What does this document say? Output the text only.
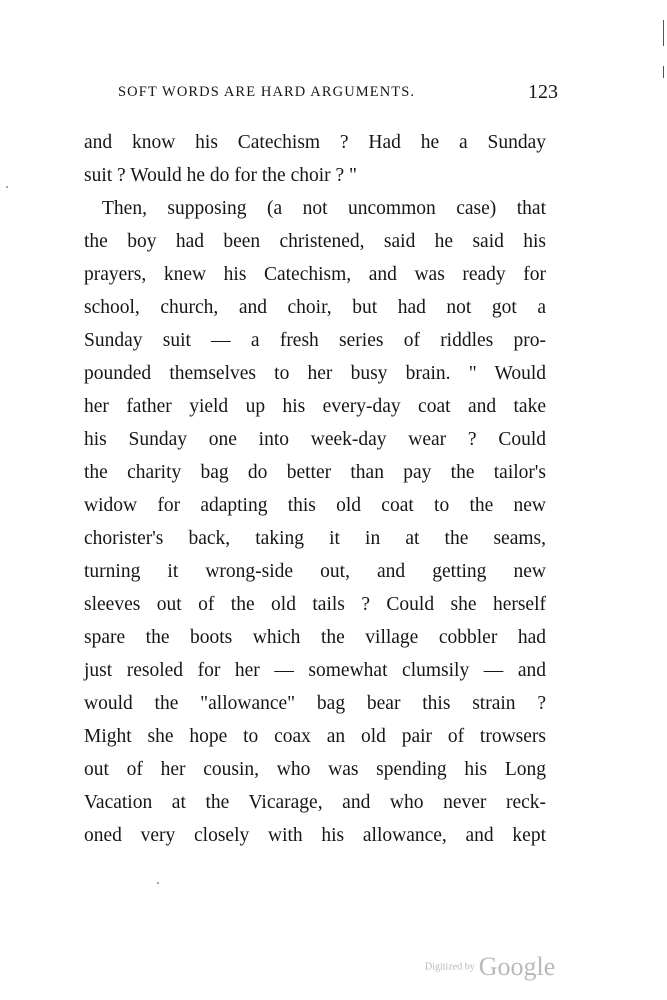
SOFT WORDS ARE HARD ARGUMENTS.	123
and know his Catechism ? Had he a Sunday
suit ? Would he do for the choir ? "
Then, supposing (a not uncommon case) that
the boy had been christened, said he said his
prayers, knew his Catechism, and was ready for
school, church, and choir, but had not got a
Sunday suit — a fresh series of riddles pro-
pounded themselves to her busy brain. " Would
her father yield up his every-day coat and take
his Sunday one into week-day wear ? Could
the charity bag do better than pay the tailor's
widow for adapting this old coat to the new
chorister's back, taking it in at the seams,
turning it wrong-side out, and getting new
sleeves out of the old tails ? Could she herself
spare the boots which the village cobbler had
just resoled for her — somewhat clumsily — and
would the "allowance" bag bear this strain ?
Might she hope to coax an old pair of trowsers
out of her cousin, who was spending his Long
Vacation at the Vicarage, and who never reck-
oned very closely with his allowance, and kept
Digitized by Google
